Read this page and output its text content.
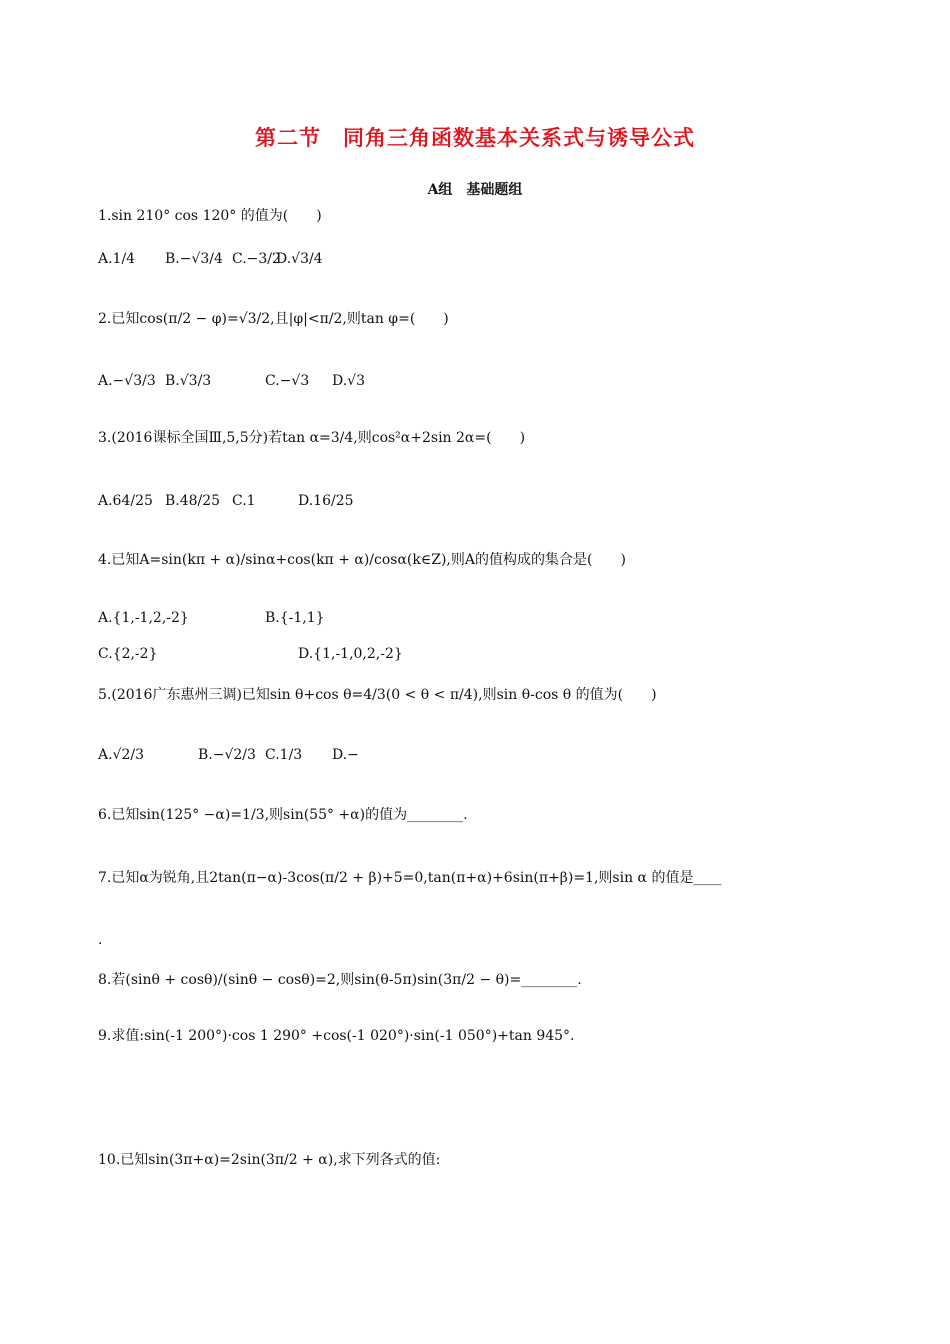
第二节　同角三角函数基本关系式与诱导公式
A组　基础题组
1.sin 210° cos 120° 的值为(　　)
A.1/4 B.−√3/4 C.−3/2
D.√3/4
2.已知cos(π/2 − φ)=√3/2,且|φ|<π/2,则tan φ=(　　)
A.−√3/3 B.√3/3	C.−√3 D.√3
3.(2016课标全国Ⅲ,5,5分)若tan α=3/4,则cos²α+2sin 2α=(　　)
A.64/25 B.48/25 C.1	D.16/25
4.已知A=sin(kπ + α)/sinα+cos(kπ + α)/cosα(k∈Z),则A的值构成的集合是(　　)
A.{1,-1,2,-2}	B.{-1,1}
C.{2,-2}	D.{1,-1,0,2,-2}
5.(2016广东惠州三调)已知sin θ+cos θ=4/3(0 < θ < π/4),则sin θ-cos θ 的值为(　　)
A.√2/3	B.−√2/3 C.1/3 D.−
6.已知sin(125° −α)=1/3,则sin(55° +α)的值为________.
7.已知α为锐角,且2tan(π−α)-3cos(π/2 + β)+5=0,tan(π+α)+6sin(π+β)=1,则sin α 的值是____
.
8.若(sinθ + cosθ)/(sinθ − cosθ)=2,则sin(θ-5π)sin(3π/2 − θ)=________.
9.求值:sin(-1 200°)·cos 1 290° +cos(-1 020°)·sin(-1 050°)+tan 945°.
10.已知sin(3π+α)=2sin(3π/2 + α),求下列各式的值:
